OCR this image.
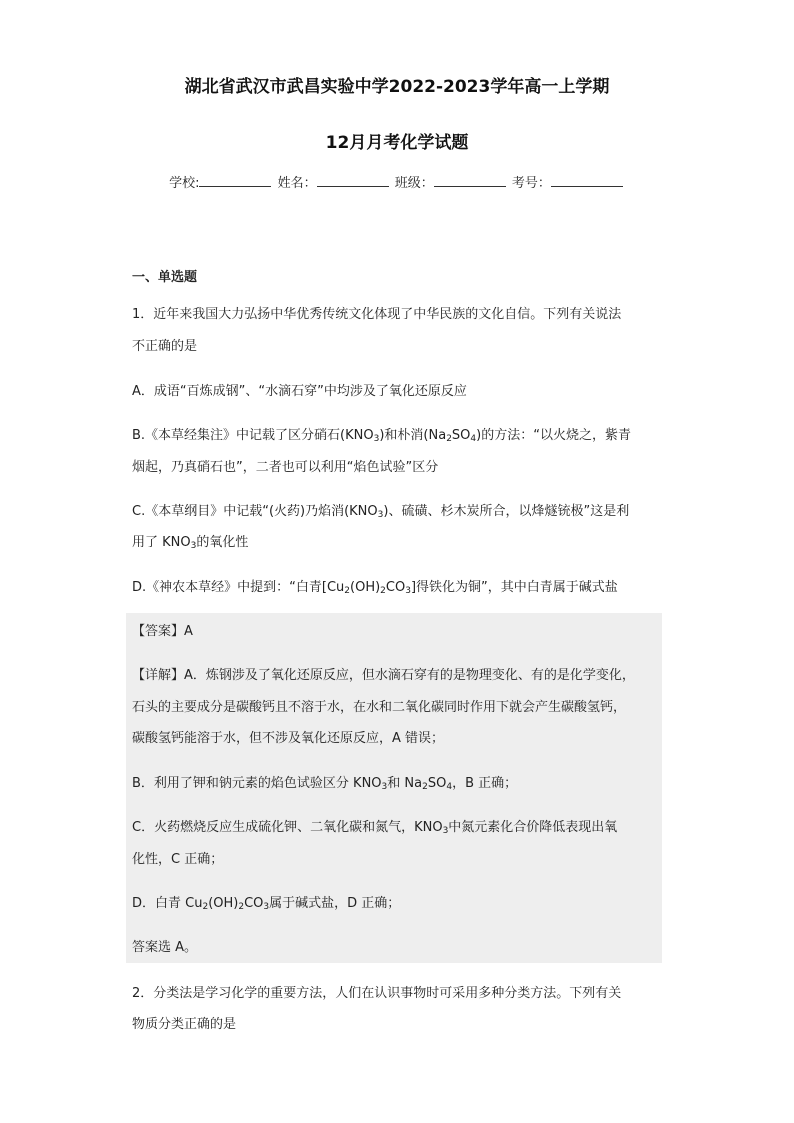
湖北省武汉市武昌实验中学2022-2023学年高一上学期
12月月考化学试题
学校:	姓名：	班级：	考号：
一、单选题
1．近年来我国大力弘扬中华优秀传统文化体现了中华民族的文化自信。下列有关说法
不正确的是
A．成语“百炼成钢”、“水滴石穿”中均涉及了氧化还原反应
B.《本草经集注》中记载了区分硝石$(KNO_3)$和朴消$(Na_2SO_4)$的方法：“以火烧之，紫青
烟起，乃真硝石也”，二者也可以利用“焰色试验”区分
C.《本草纲目》中记载“(火药)乃焰消$(KNO_3)$、硫磺、杉木炭所合，以烽燧铳极”这是利
用了 $KNO_3$的氧化性
D.《神农本草经》中提到：“白青$[Cu_2(OH)_2CO_3]$得铁化为铜”，其中白青属于碱式盐
【答案】A
【详解】A．炼钢涉及了氧化还原反应，但水滴石穿有的是物理变化、有的是化学变化，
石头的主要成分是碳酸钙且不溶于水，在水和二氧化碳同时作用下就会产生碳酸氢钙，
碳酸氢钙能溶于水，但不涉及氧化还原反应，A 错误；
B．利用了钾和钠元素的焰色试验区分 $KNO_3$和 $Na_2SO_4$，B 正确；
C．火药燃烧反应生成硫化钾、二氧化碳和氮气，$KNO_3$中氮元素化合价降低表现出氧
化性，C 正确；
D．白青 $Cu_2(OH)_2CO_3$属于碱式盐，D 正确；
答案选 A。
2．分类法是学习化学的重要方法，人们在认识事物时可采用多种分类方法。下列有关
物质分类正确的是
